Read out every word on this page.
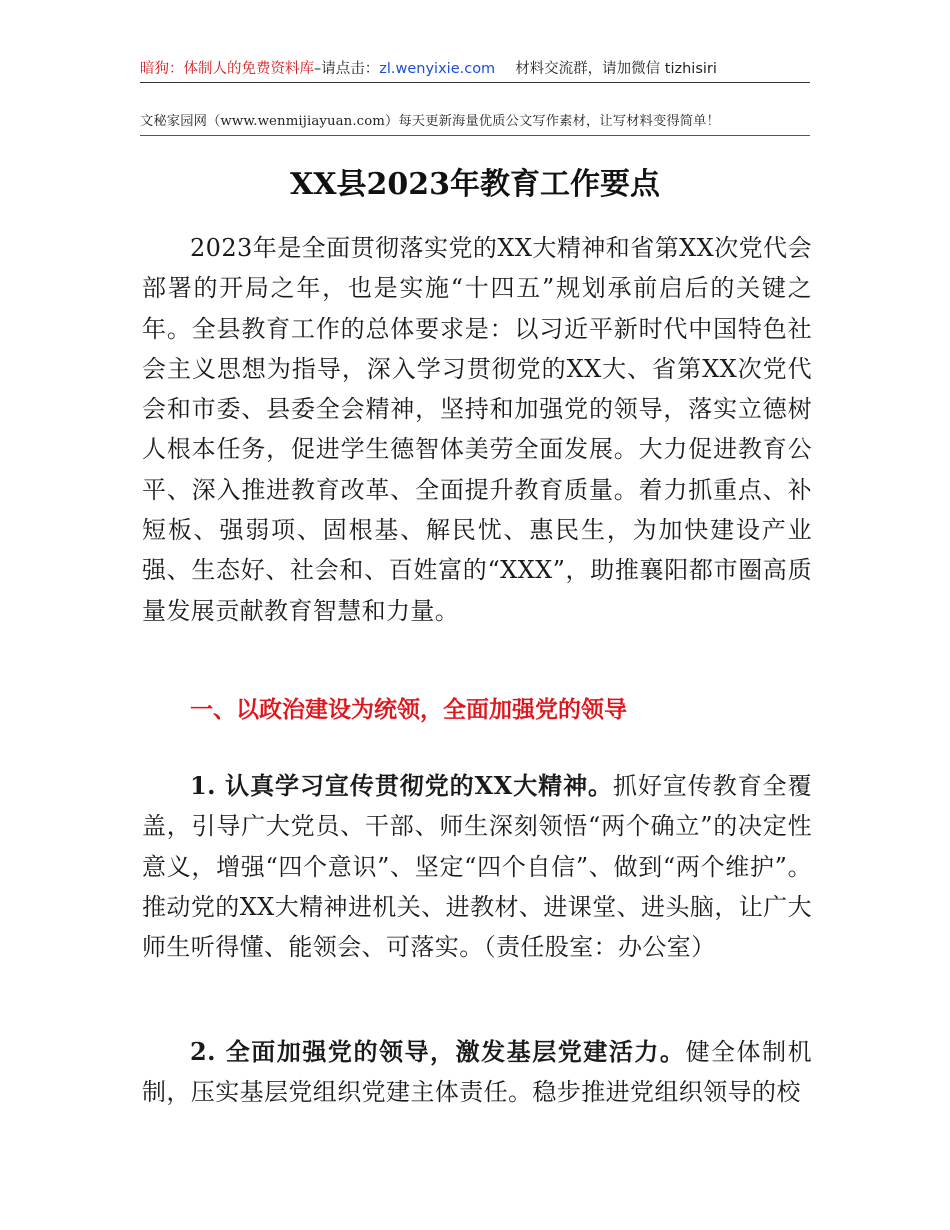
暗狗：体制人的免费资料库–请点击：zl.wenyixie.com 材料交流群，请加微信 tizhisiri
文秘家园网（www.wenmijiayuan.com）每天更新海量优质公文写作素材，让写材料变得简单！
XX县2023年教育工作要点

2023年是全面贯彻落实党的XX大精神和省第XX次党代会部署的开局之年，也是实施“十四五”规划承前启后的关键之年。全县教育工作的总体要求是：以习近平新时代中国特色社会主义思想为指导，深入学习贯彻党的XX大、省第XX次党代会和市委、县委全会精神，坚持和加强党的领导，落实立德树人根本任务，促进学生德智体美劳全面发展。大力促进教育公平、深入推进教育改革、全面提升教育质量。着力抓重点、补短板、强弱项、固根基、解民忧、惠民生，为加快建设产业强、生态好、社会和、百姓富的“XXX”，助推襄阳都市圈高质量发展贡献教育智慧和力量。

一、以政治建设为统领，全面加强党的领导

1. 认真学习宣传贯彻党的XX大精神。抓好宣传教育全覆盖，引导广大党员、干部、师生深刻领悟“两个确立”的决定性意义，增强“四个意识”、坚定“四个自信”、做到“两个维护”。推动党的XX大精神进机关、进教材、进课堂、进头脑，让广大师生听得懂、能领会、可落实。（责任股室：办公室）

2. 全面加强党的领导，激发基层党建活力。健全体制机制，压实基层党组织党建主体责任。稳步推进党组织领导的校
